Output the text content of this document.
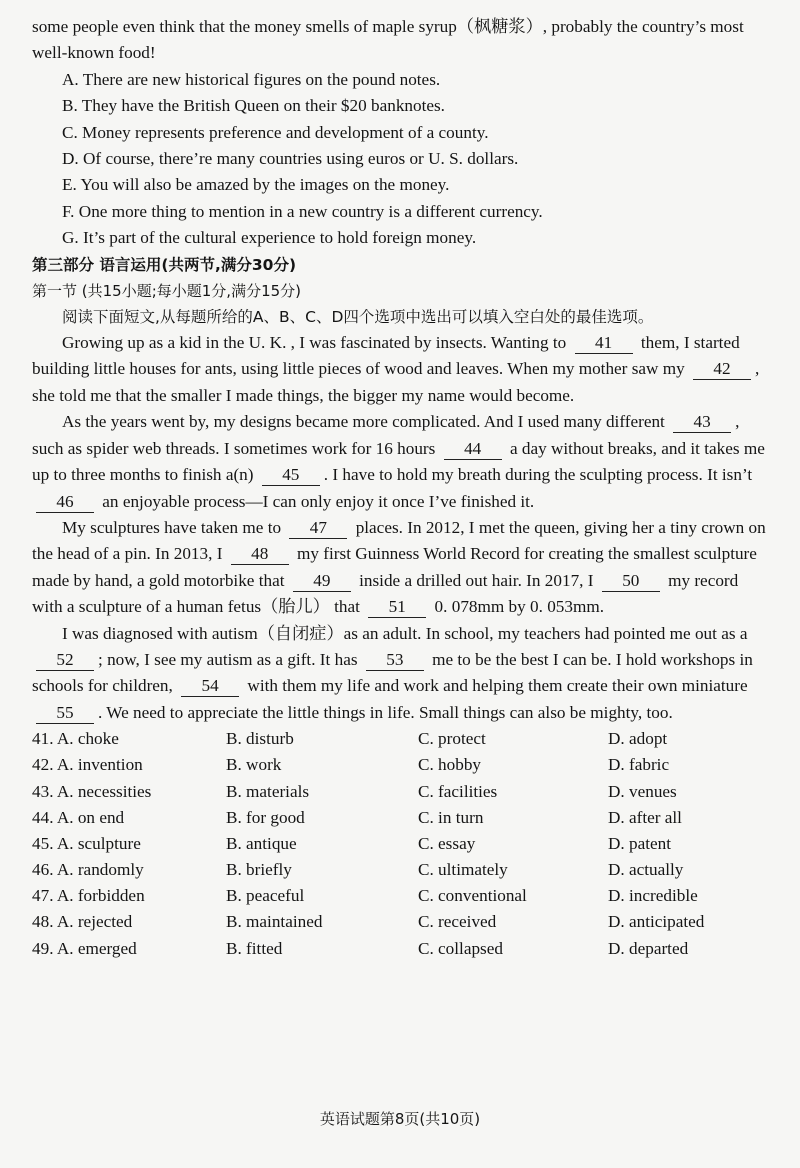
some people even think that the money smells of maple syrup（枫糖浆）, probably the country’s most well-known food!

A. There are new historical figures on the pound notes.

B. They have the British Queen on their $20 banknotes.

C. Money represents preference and development of a county.

D. Of course, there’re many countries using euros or U. S. dollars.

E. You will also be amazed by the images on the money.

F. One more thing to mention in a new country is a different currency.

G. It’s part of the cultural experience to hold foreign money.

第三部分 语言运用(共两节,满分30分)

第一节 (共15小题;每小题1分,满分15分)

阅读下面短文,从每题所给的A、B、C、D四个选项中选出可以填入空白处的最佳选项。

Growing up as a kid in the U. K. , I was fascinated by insects. Wanting to 41 them, I started building little houses for ants, using little pieces of wood and leaves. When my mother saw my 42 , she told me that the smaller I made things, the bigger my name would become.

As the years went by, my designs became more complicated. And I used many different 43 , such as spider web threads. I sometimes work for 16 hours 44 a day without breaks, and it takes me up to three months to finish a(n) 45 . I have to hold my breath during the sculpting process. It isn’t 46 an enjoyable process—I can only enjoy it once I’ve finished it.

My sculptures have taken me to 47 places. In 2012, I met the queen, giving her a tiny crown on the head of a pin. In 2013, I 48 my first Guinness World Record for creating the smallest sculpture made by hand, a gold motorbike that 49 inside a drilled out hair. In 2017, I 50 my record with a sculpture of a human fetus（胎儿） that 51 0. 078mm by 0. 053mm.

I was diagnosed with autism（自闭症）as an adult. In school, my teachers had pointed me out as a 52 ; now, I see my autism as a gift. It has 53 me to be the best I can be. I hold workshops in schools for children, 54 with them my life and work and helping them create their own miniature 55 . We need to appreciate the little things in life. Small things can also be mighty, too.

41. A. choke	B. disturb	C. protect	D. adopt
42. A. invention	B. work	C. hobby	D. fabric
43. A. necessities	B. materials	C. facilities	D. venues
44. A. on end	B. for good	C. in turn	D. after all
45. A. sculpture	B. antique	C. essay	D. patent
46. A. randomly	B. briefly	C. ultimately	D. actually
47. A. forbidden	B. peaceful	C. conventional	D. incredible
48. A. rejected	B. maintained	C. received	D. anticipated
49. A. emerged	B. fitted	C. collapsed	D. departed
英语试题第8页(共10页)
